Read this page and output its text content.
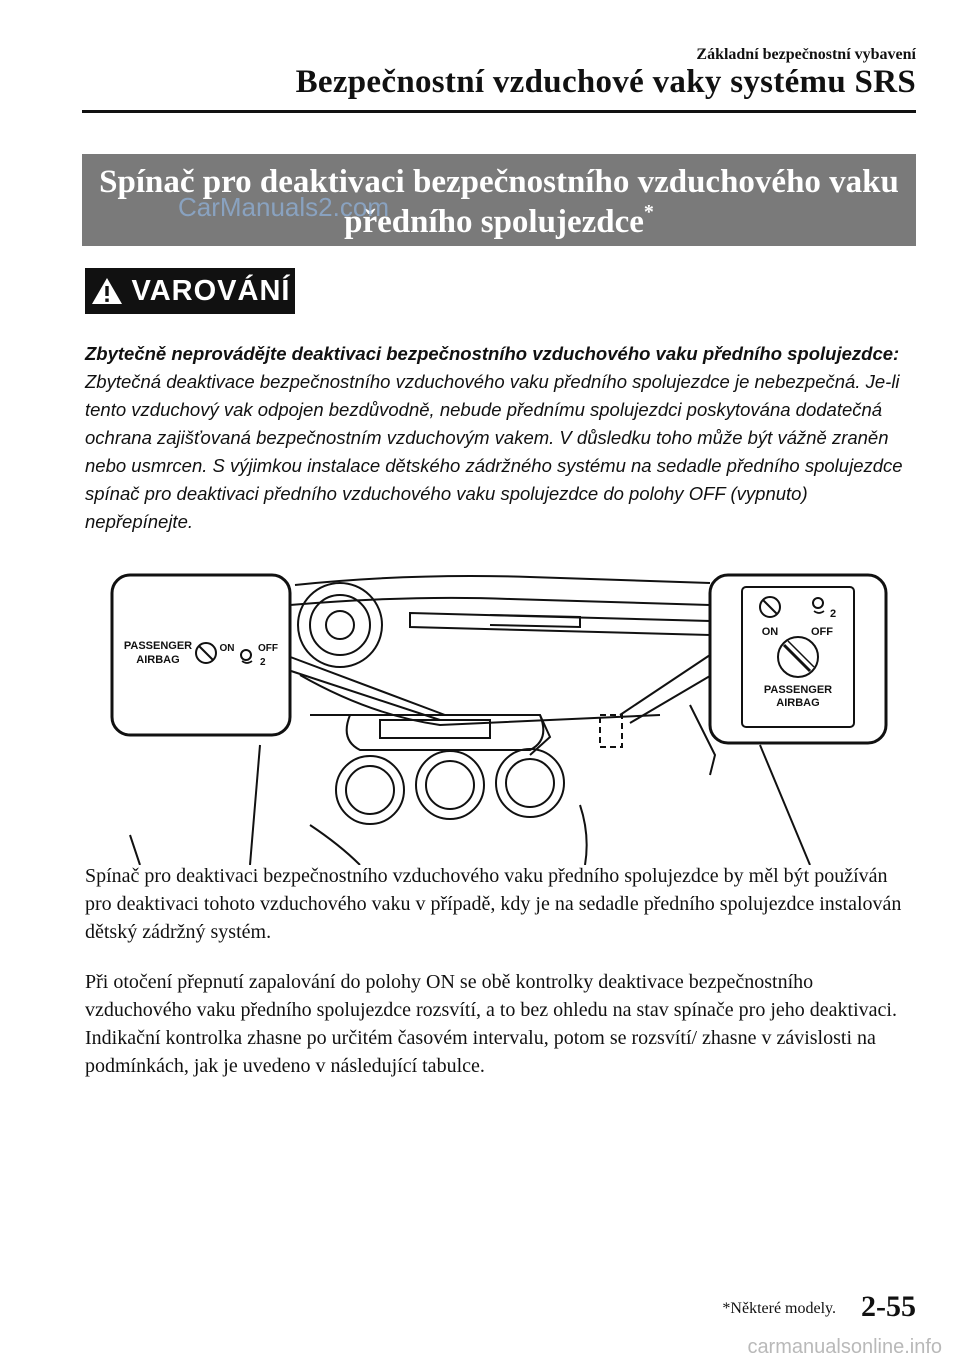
Základní bezpečnostní vybavení
Bezpečnostní vzduchové vaky systému SRS
Spínač pro deaktivaci bezpečnostního vzduchového vaku
předního spolujezdce*
CarManuals2.com
VAROVÁNÍ
Zbytečně neprovádějte deaktivaci bezpečnostního vzduchového vaku předního spolujezdce:
Zbytečná deaktivace bezpečnostního vzduchového vaku předního spolujezdce je nebezpečná. Je-li tento vzduchový vak odpojen bezdůvodně, nebude přednímu spolujezdci poskytována dodatečná ochrana zajišťovaná bezpečnostním vzduchovým vakem. V důsledku toho může být vážně zraněn nebo usmrcen. S výjimkou instalace dětského zádržného systému na sedadle předního spolujezdce spínač pro deaktivaci předního vzduchového vaku spolujezdce do polohy OFF (vypnuto) nepřepínejte.
PASSENGER
AIRBAG
ON OFF
2
2
ON	OFF
PASSENGER
AIRBAG
Spínač pro deaktivaci bezpečnostního vzduchového vaku předního spolujezdce by měl být používán pro deaktivaci tohoto vzduchového vaku v případě, kdy je na sedadle předního spolujezdce instalován dětský zádržný systém.
Při otočení přepnutí zapalování do polohy ON se obě kontrolky deaktivace bezpečnostního vzduchového vaku předního spolujezdce rozsvítí, a to bez ohledu na stav spínače pro jeho deaktivaci. Indikační kontrolka zhasne po určitém časovém intervalu, potom se rozsvítí/ zhasne v závislosti na podmínkách, jak je uvedeno v následující tabulce.
*Některé modely. 2-55
carmanualsonline.info
